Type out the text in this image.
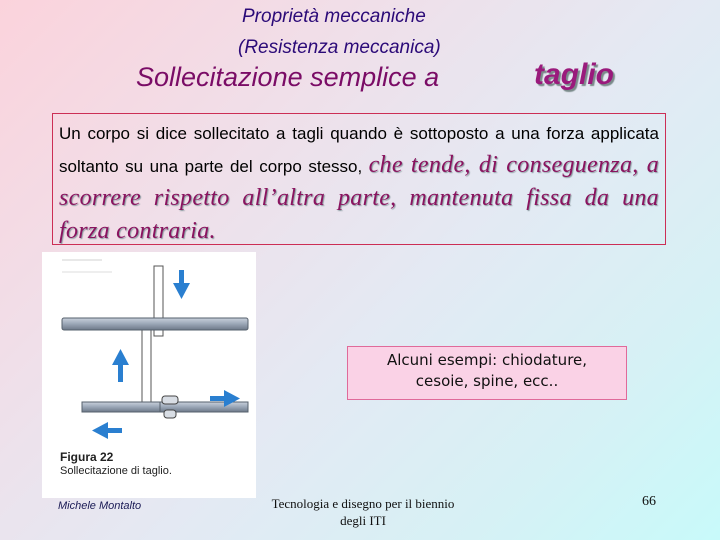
Proprietà meccaniche
(Resistenza meccanica)
Sollecitazione semplice a	taglio
Un corpo si dice sollecitato a tagli quando è sottoposto a una forza applicata soltanto su una parte del corpo stesso, che tende, di conseguenza, a scorrere rispetto all’altra parte, mantenuta fissa da una forza contraria.
Figura 22
Sollecitazione di taglio.
Alcuni esempi: chiodature,
cesoie, spine, ecc..
Michele Montalto	Tecnologia e disegno per il biennio
degli ITI
66
